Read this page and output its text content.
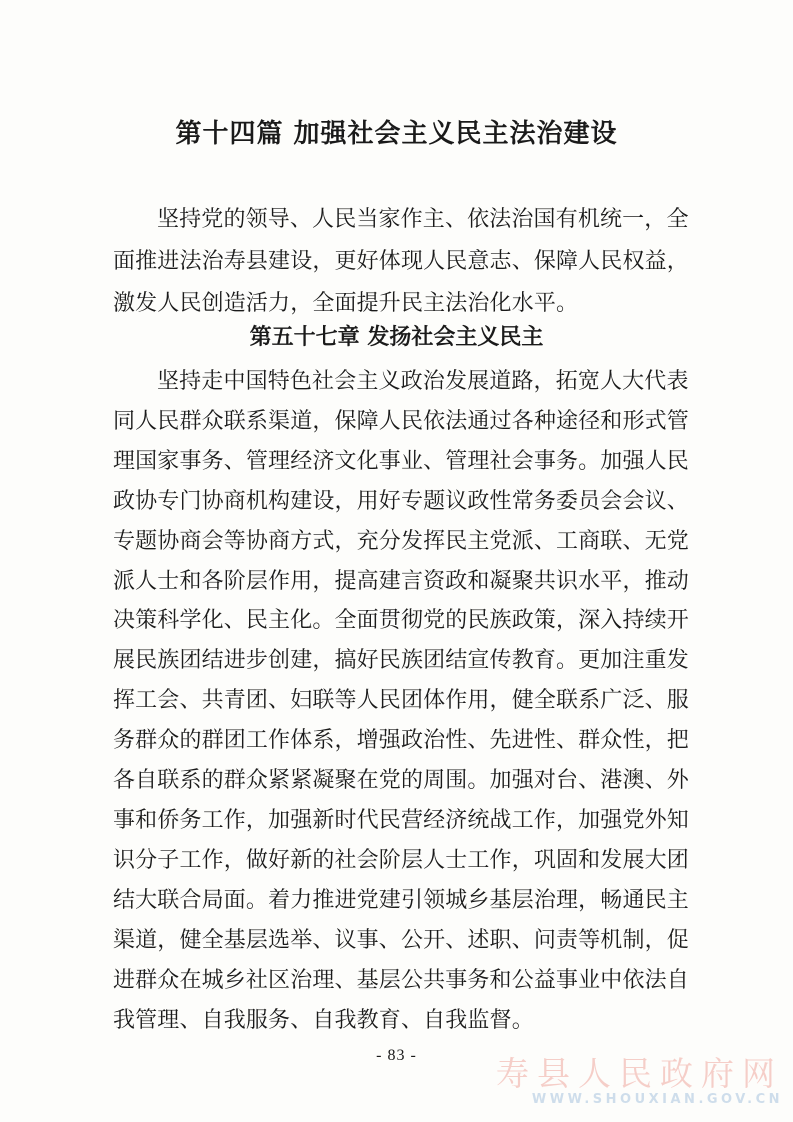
第十四篇 加强社会主义民主法治建设
坚持党的领导、人民当家作主、依法治国有机统一，全
面推进法治寿县建设，更好体现人民意志、保障人民权益，
激发人民创造活力，全面提升民主法治化水平。
第五十七章 发扬社会主义民主
坚持走中国特色社会主义政治发展道路，拓宽人大代表
同人民群众联系渠道，保障人民依法通过各种途径和形式管
理国家事务、管理经济文化事业、管理社会事务。加强人民
政协专门协商机构建设，用好专题议政性常务委员会会议、
专题协商会等协商方式，充分发挥民主党派、工商联、无党
派人士和各阶层作用，提高建言资政和凝聚共识水平，推动
决策科学化、民主化。全面贯彻党的民族政策，深入持续开
展民族团结进步创建，搞好民族团结宣传教育。更加注重发
挥工会、共青团、妇联等人民团体作用，健全联系广泛、服
务群众的群团工作体系，增强政治性、先进性、群众性，把
各自联系的群众紧紧凝聚在党的周围。加强对台、港澳、外
事和侨务工作，加强新时代民营经济统战工作，加强党外知
识分子工作，做好新的社会阶层人士工作，巩固和发展大团
结大联合局面。着力推进党建引领城乡基层治理，畅通民主
渠道，健全基层选举、议事、公开、述职、问责等机制，促
进群众在城乡社区治理、基层公共事务和公益事业中依法自
我管理、自我服务、自我教育、自我监督。
- 83 -	寿县人民政府网
WWW.SHOUXIAN.GOV.CN
